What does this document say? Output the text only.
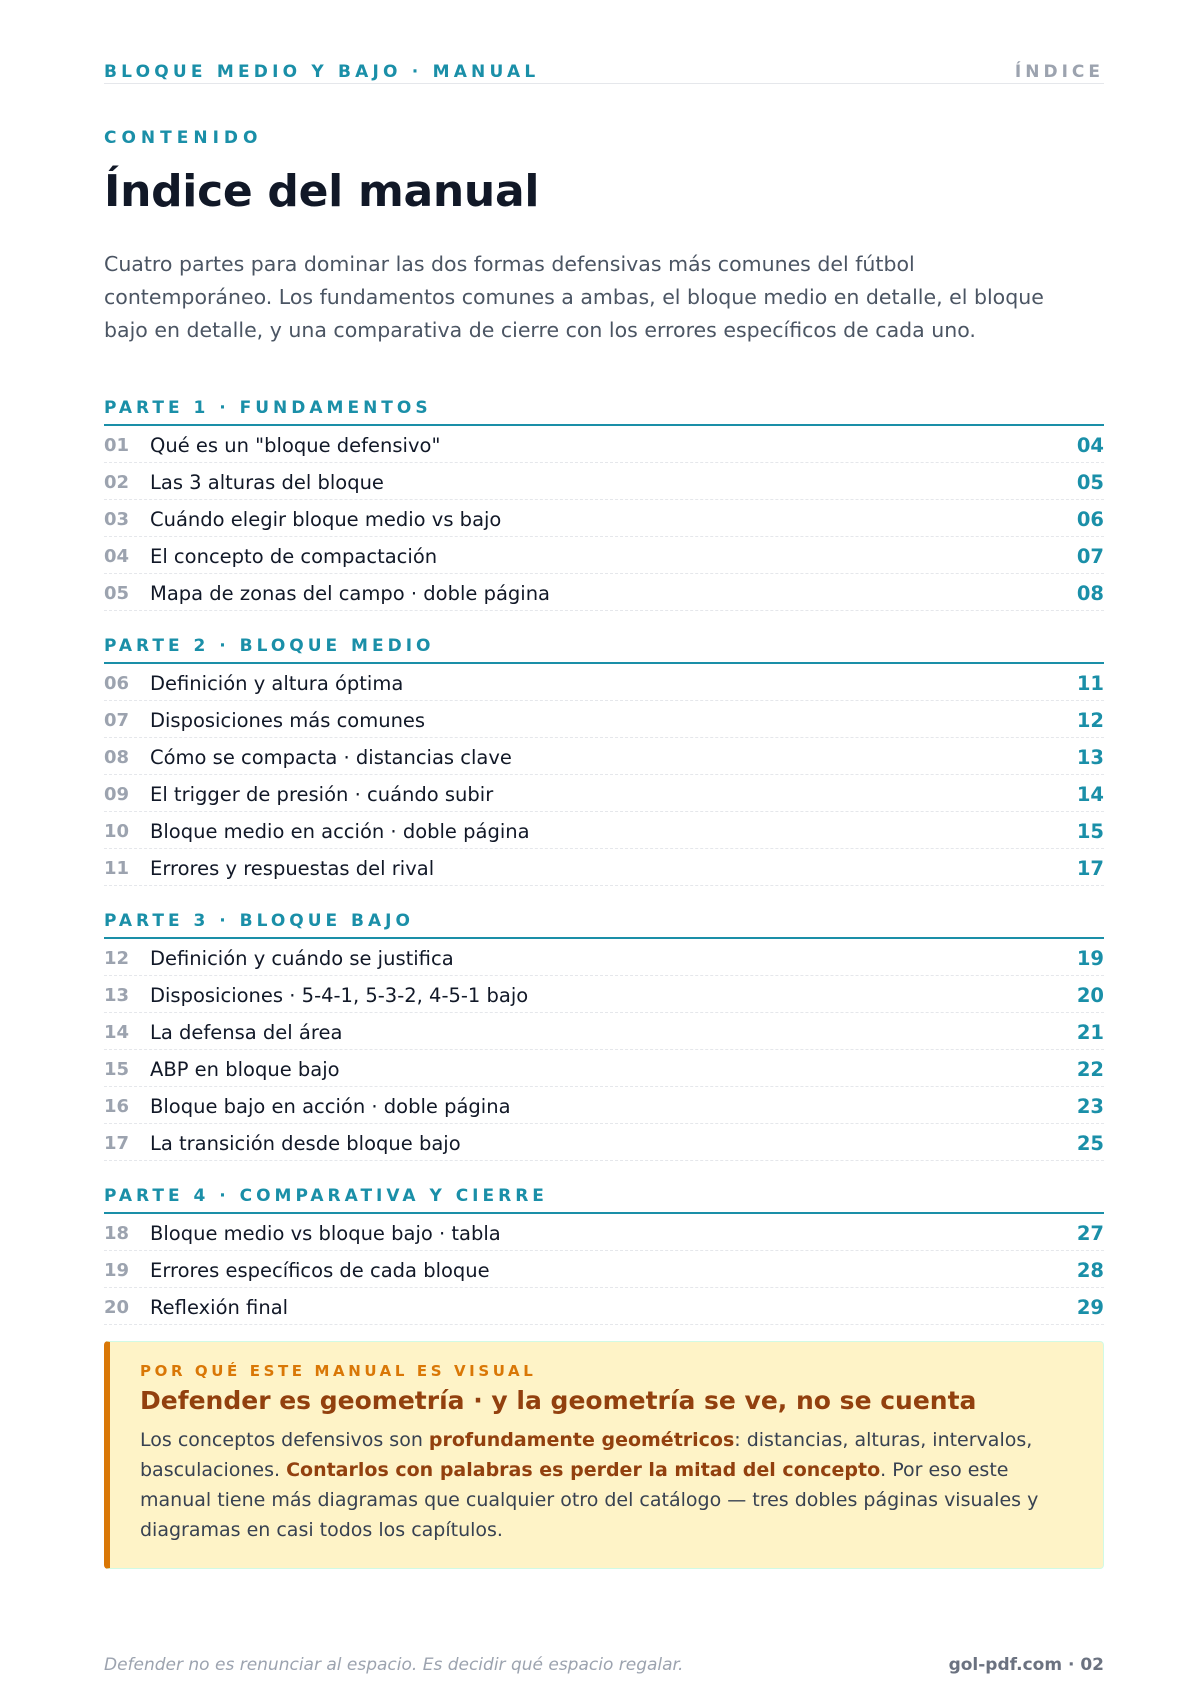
BLOQUE MEDIO Y BAJO · MANUAL	ÍNDICE
CONTENIDO
Índice del manual

Cuatro partes para dominar las dos formas defensivas más comunes del fútbol contemporáneo. Los fundamentos comunes a ambas, el bloque medio en detalle, el bloque bajo en detalle, y una comparativa de cierre con los errores específicos de cada uno.

PARTE 1 · FUNDAMENTOS
01 Qué es un "bloque defensivo"	04
02 Las 3 alturas del bloque	05
03 Cuándo elegir bloque medio vs bajo	06
04 El concepto de compactación	07
05 Mapa de zonas del campo · doble página	08
PARTE 2 · BLOQUE MEDIO
06 Definición y altura óptima	11
07 Disposiciones más comunes	12
08 Cómo se compacta · distancias clave	13
09 El trigger de presión · cuándo subir	14
10 Bloque medio en acción · doble página	15
11 Errores y respuestas del rival	17
PARTE 3 · BLOQUE BAJO
12 Definición y cuándo se justifica	19
13 Disposiciones · 5-4-1, 5-3-2, 4-5-1 bajo	20
14 La defensa del área	21
15 ABP en bloque bajo	22
16 Bloque bajo en acción · doble página	23
17 La transición desde bloque bajo	25
PARTE 4 · COMPARATIVA Y CIERRE
18 Bloque medio vs bloque bajo · tabla	27
19 Errores específicos de cada bloque	28
20 Reflexión final	29
POR QUÉ ESTE MANUAL ES VISUAL
Defender es geometría · y la geometría se ve, no se cuenta

Los conceptos defensivos son profundamente geométricos: distancias, alturas, intervalos, basculaciones. Contarlos con palabras es perder la mitad del concepto. Por eso este manual tiene más diagramas que cualquier otro del catálogo — tres dobles páginas visuales y diagramas en casi todos los capítulos.

Defender no es renunciar al espacio. Es decidir qué espacio regalar.	gol-pdf.com · 02
